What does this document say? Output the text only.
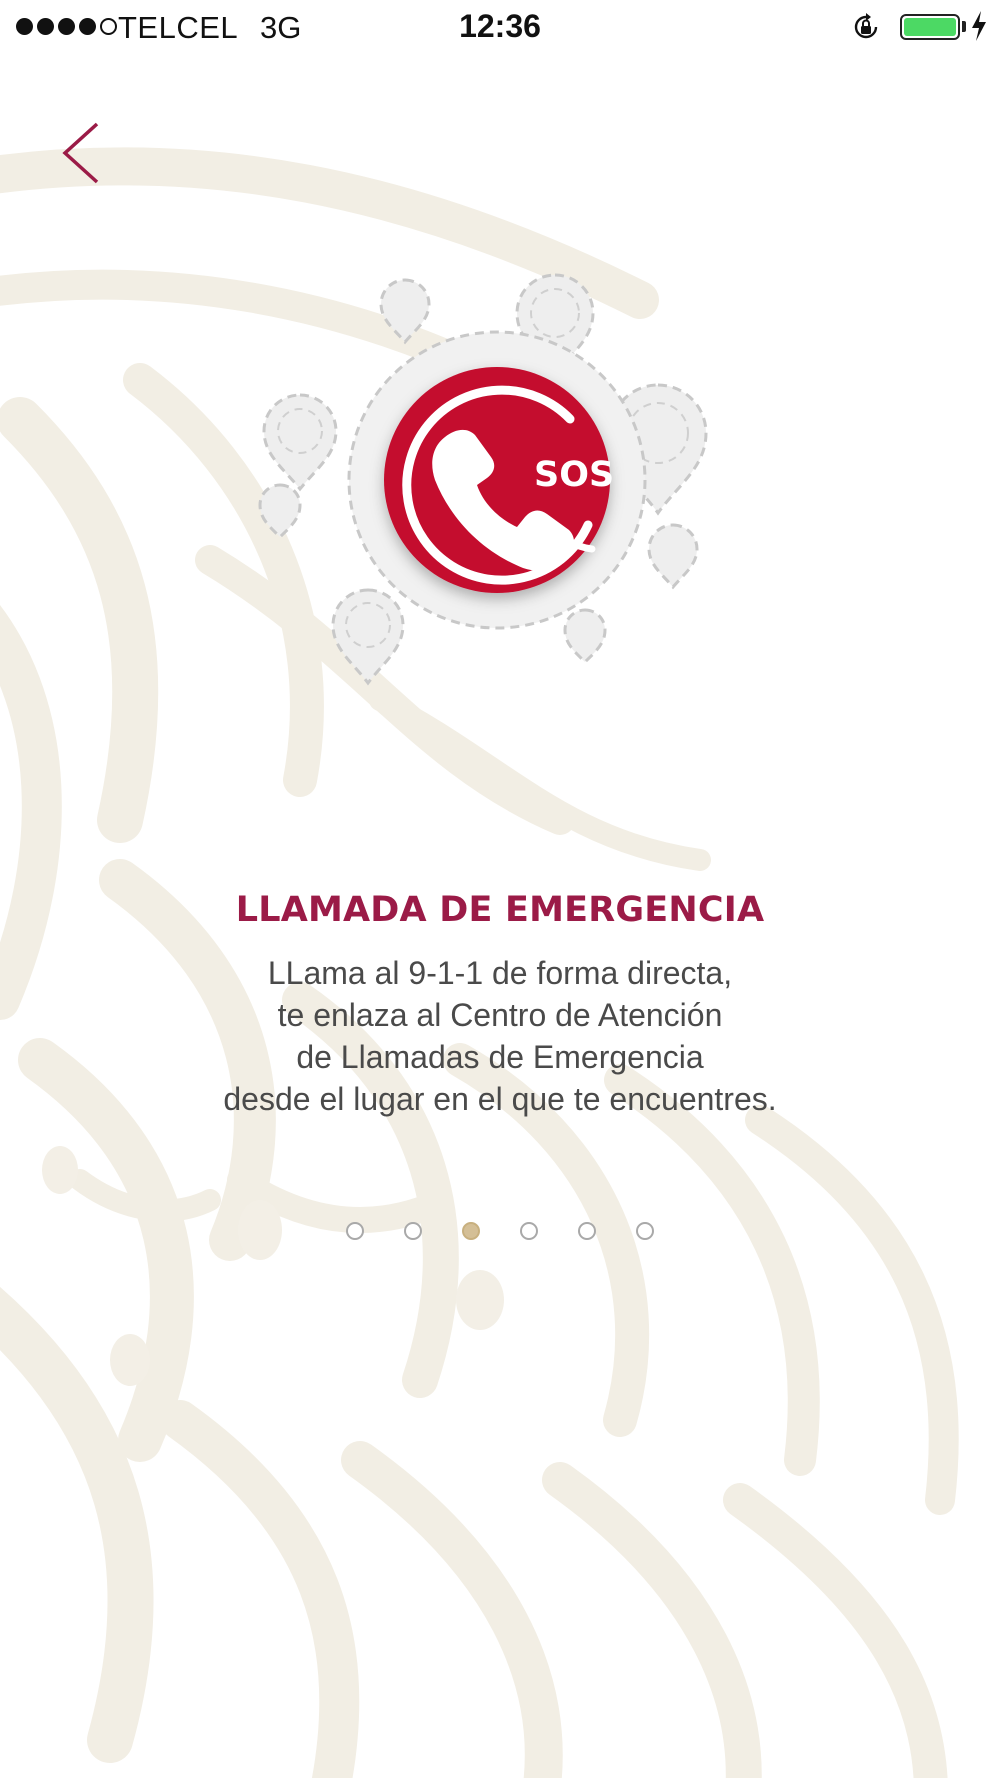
TELCEL 3G	12:36
SOS
LLAMADA DE EMERGENCIA
LLama al 9-1-1 de forma directa,
te enlaza al Centro de Atención
de Llamadas de Emergencia
desde el lugar en el que te encuentres.
